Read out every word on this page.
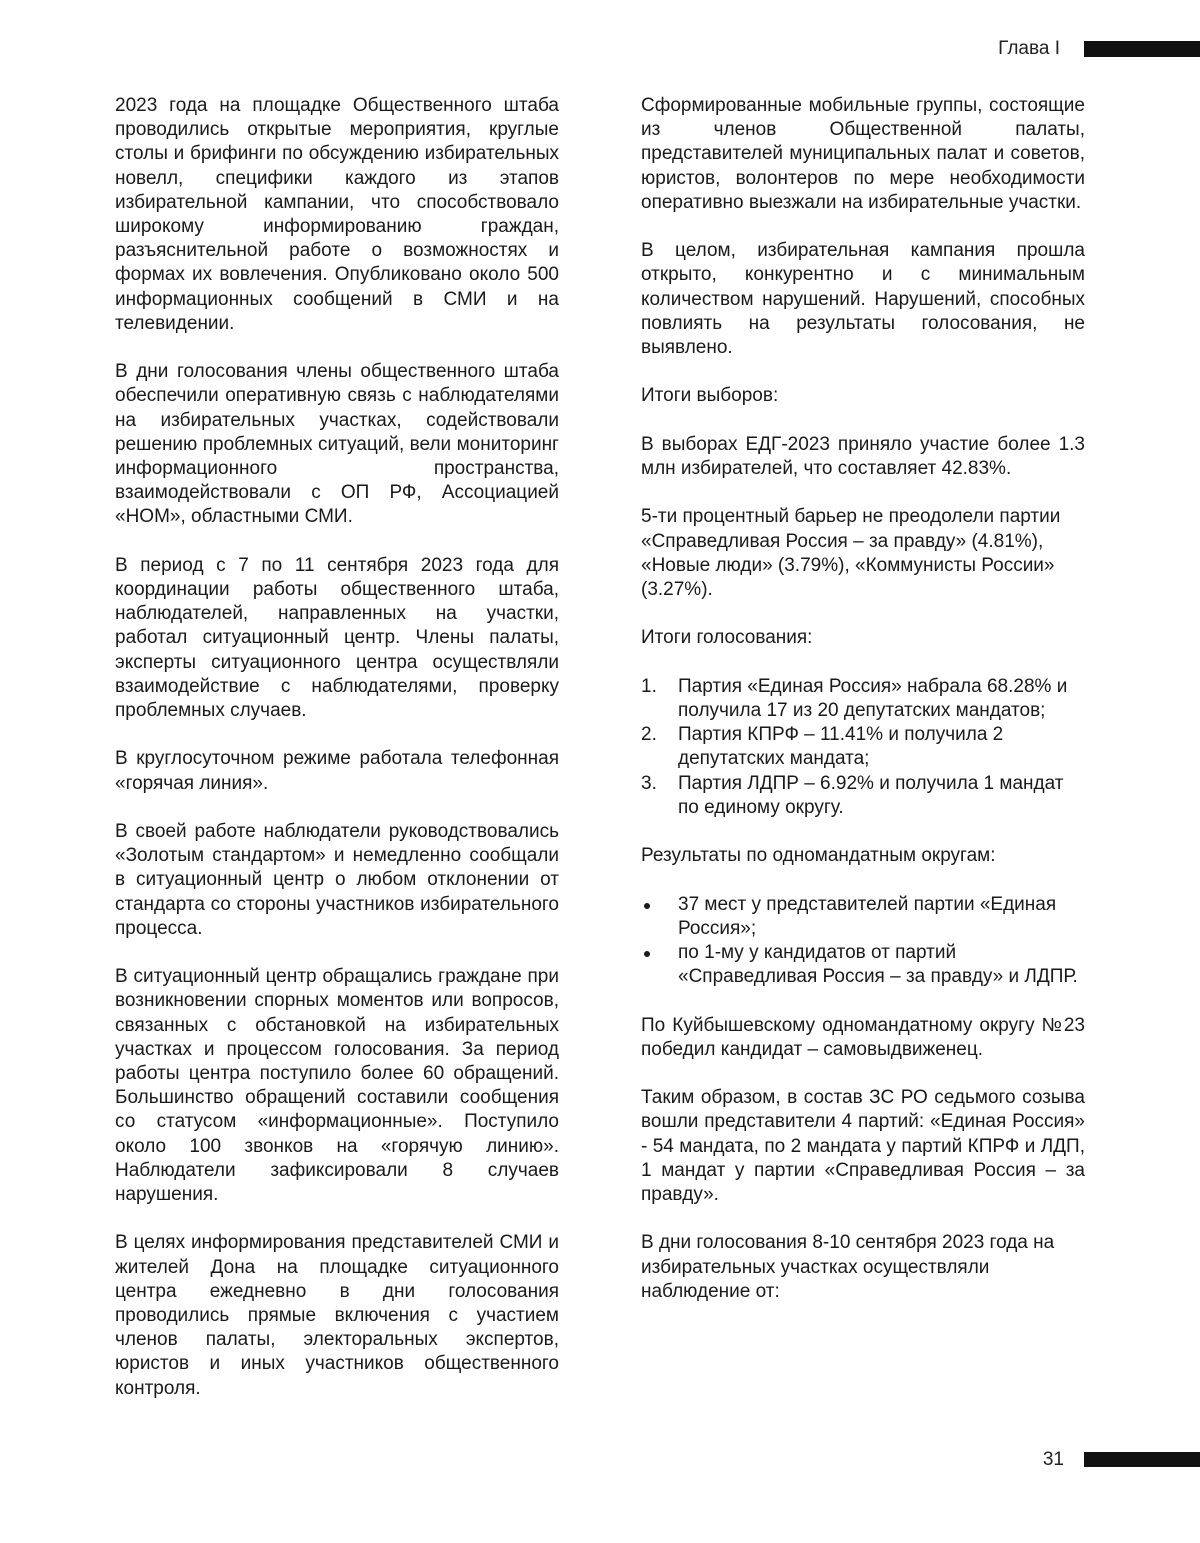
Глава I

2023 года на площадке Общественного штаба проводились открытые мероприятия, круглые столы и брифинги по обсуждению избирательных новелл, специфики каждого из этапов избирательной кампании, что способствовало широкому информированию граждан, разъяснительной работе о возможностях и формах их вовлечения. Опубликовано около 500 информационных сообщений в СМИ и на телевидении.

В дни голосования члены общественного штаба обеспечили оперативную связь с наблюдателями на избирательных участках, содействовали решению проблемных ситуаций, вели мониторинг информационного пространства, взаимодействовали с ОП РФ, Ассоциацией «НОМ», областными СМИ.

В период с 7 по 11 сентября 2023 года для координации работы общественного штаба, наблюдателей, направленных на участки, работал ситуационный центр. Члены палаты, эксперты ситуационного центра осуществляли взаимодействие с наблюдателями, проверку проблемных случаев.

В круглосуточном режиме работала телефонная «горячая линия».

В своей работе наблюдатели руководствовались «Золотым стандартом» и немедленно сообщали в ситуационный центр о любом отклонении от стандарта со стороны участников избирательного процесса.

В ситуационный центр обращались граждане при возникновении спорных моментов или вопросов, связанных с обстановкой на избирательных участках и процессом голосования. За период работы центра поступило более 60 обращений. Большинство обращений составили сообщения со статусом «информационные». Поступило около 100 звонков на «горячую линию». Наблюдатели зафиксировали 8 случаев нарушения.

В целях информирования представителей СМИ и жителей Дона на площадке ситуационного центра ежедневно в дни голосования проводились прямые включения с участием членов палаты, электоральных экспертов, юристов и иных участников общественного контроля.

Сформированные мобильные группы, состоящие из членов Общественной палаты, представителей муниципальных палат и советов, юристов, волонтеров по мере необходимости оперативно выезжали на избирательные участки.

В целом, избирательная кампания прошла открыто, конкурентно и с минимальным количеством нарушений. Нарушений, способных повлиять на результаты голосования, не выявлено.

Итоги выборов:

В выборах ЕДГ-2023 приняло участие более 1.3 млн избирателей, что составляет 42.83%.

5-ти процентный барьер не преодолели партии «Справедливая Россия – за правду» (4.81%), «Новые люди» (3.79%), «Коммунисты России» (3.27%).

Итоги голосования:

1. Партия «Единая Россия» набрала 68.28% и получила 17 из 20 депутатских мандатов;
2. Партия КПРФ – 11.41% и получила 2 депутатских мандата;
3. Партия ЛДПР – 6.92% и получила 1 мандат по единому округу.

Результаты по одномандатным округам:

37 мест у представителей партии «Единая Россия»;
по 1-му у кандидатов от партий «Справедливая Россия – за правду» и ЛДПР.

По Куйбышевскому одномандатному округу №23 победил кандидат – самовыдвиженец.

Таким образом, в состав ЗС РО седьмого созыва вошли представители 4 партий: «Единая Россия» - 54 мандата, по 2 мандата у партий КПРФ и ЛДП, 1 мандат у партии «Справедливая Россия – за правду».

В дни голосования 8-10 сентября 2023 года на избирательных участках осуществляли наблюдение от:

31
